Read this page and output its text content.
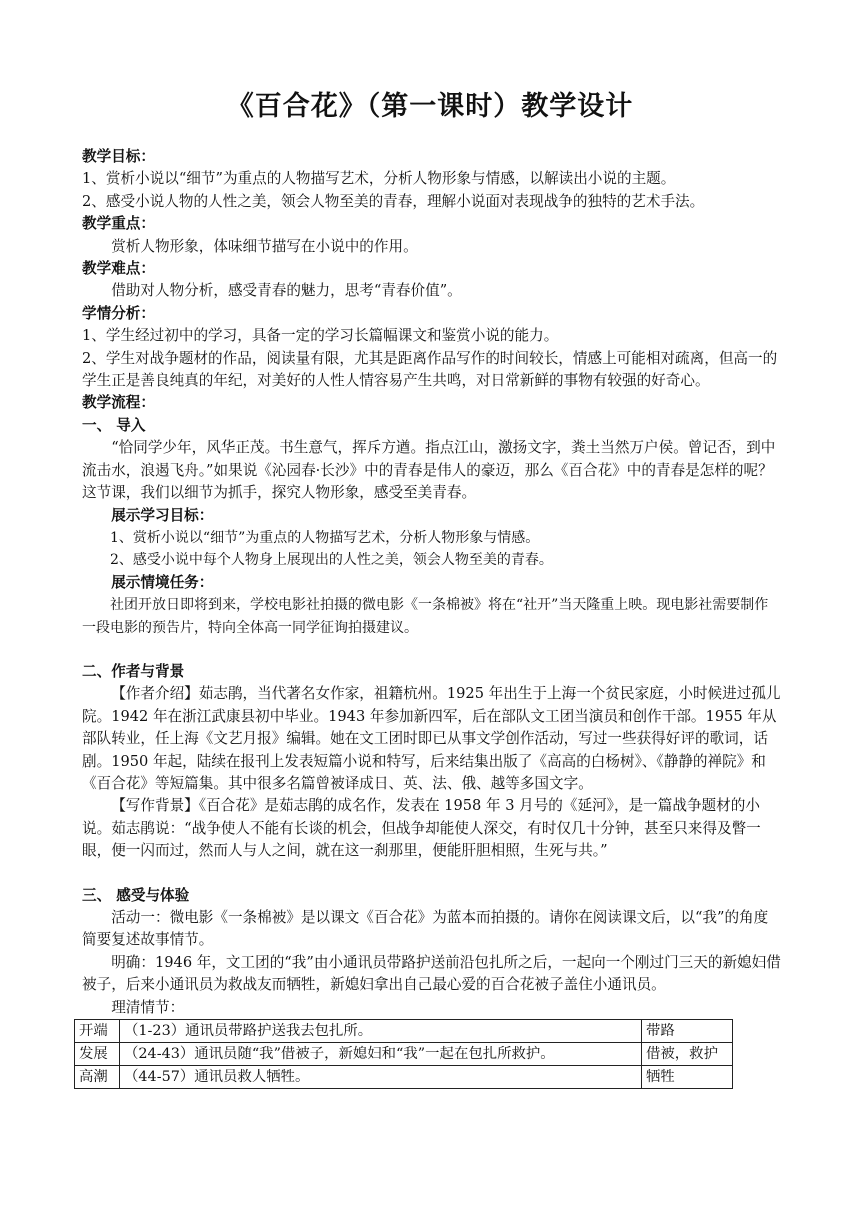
《百合花》（第一课时）教学设计

教学目标：

1、赏析小说以“细节”为重点的人物描写艺术，分析人物形象与情感，以解读出小说的主题。

2、感受小说人物的人性之美，领会人物至美的青春，理解小说面对表现战争的独特的艺术手法。

教学重点：

赏析人物形象，体味细节描写在小说中的作用。

教学难点：

借助对人物分析，感受青春的魅力，思考“青春价值”。

学情分析：

1、学生经过初中的学习，具备一定的学习长篇幅课文和鉴赏小说的能力。

2、学生对战争题材的作品，阅读量有限，尤其是距离作品写作的时间较长，情感上可能相对疏离，但高一的学生正是善良纯真的年纪，对美好的人性人情容易产生共鸣，对日常新鲜的事物有较强的好奇心。

教学流程：

一、 导入

“恰同学少年，风华正茂。书生意气，挥斥方遒。指点江山，激扬文字，粪土当然万户侯。曾记否，到中流击水，浪遏飞舟。”如果说《沁园春·长沙》中的青春是伟人的豪迈，那么《百合花》中的青春是怎样的呢？这节课，我们以细节为抓手，探究人物形象，感受至美青春。

展示学习目标：

1、赏析小说以“细节”为重点的人物描写艺术，分析人物形象与情感。

2、感受小说中每个人物身上展现出的人性之美，领会人物至美的青春。

展示情境任务：

社团开放日即将到来，学校电影社拍摄的微电影《一条棉被》将在“社开”当天隆重上映。现电影社需要制作一段电影的预告片，特向全体高一同学征询拍摄建议。

二、作者与背景

【作者介绍】茹志鹃，当代著名女作家，祖籍杭州。1925 年出生于上海一个贫民家庭，小时候进过孤儿院。1942 年在浙江武康县初中毕业。1943 年参加新四军，后在部队文工团当演员和创作干部。1955 年从部队转业，任上海《文艺月报》编辑。她在文工团时即已从事文学创作活动，写过一些获得好评的歌词，话剧。1950 年起，陆续在报刊上发表短篇小说和特写，后来结集出版了《高高的白杨树》、《静静的禅院》和《百合花》等短篇集。其中很多名篇曾被译成日、英、法、俄、越等多国文字。

【写作背景】《百合花》是茹志鹃的成名作，发表在 1958 年 3 月号的《延河》，是一篇战争题材的小说。茹志鹃说：“战争使人不能有长谈的机会，但战争却能使人深交，有时仅几十分钟，甚至只来得及瞥一眼，便一闪而过，然而人与人之间，就在这一刹那里，便能肝胆相照，生死与共。”

三、 感受与体验

活动一：微电影《一条棉被》是以课文《百合花》为蓝本而拍摄的。请你在阅读课文后，以“我”的角度简要复述故事情节。

明确：1946 年，文工团的“我”由小通讯员带路护送前沿包扎所之后，一起向一个刚过门三天的新媳妇借被子，后来小通讯员为救战友而牺牲，新媳妇拿出自己最心爱的百合花被子盖住小通讯员。

理清情节：

开端	（1-23）通讯员带路护送我去包扎所。	带路
发展	（24-43）通讯员随“我”借被子，新媳妇和“我”一起在包扎所救护。	借被，救护
高潮	（44-57）通讯员救人牺牲。	牺牲
